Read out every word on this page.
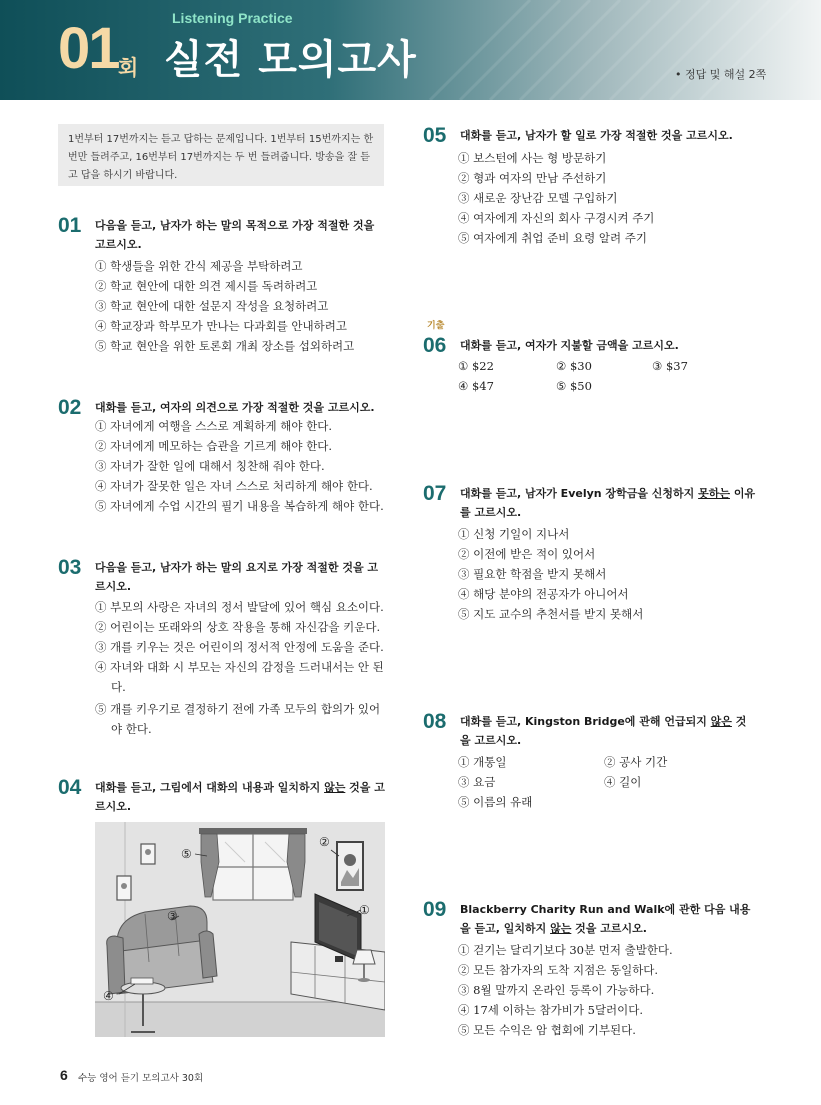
01 회
Listening Practice
실전 모의고사	• 정답 및 해설 2쪽
1번부터 17번까지는 듣고 답하는 문제입니다. 1번부터 15번까지는 한 번만 들려주고, 16번부터 17번까지는 두 번 들려줍니다. 방송을 잘 듣고 답을 하시기 바랍니다.
01 다음을 듣고, 남자가 하는 말의 목적으로 가장 적절한 것을 고르시오.
① 학생들을 위한 간식 제공을 부탁하려고
② 학교 현안에 대한 의견 제시를 독려하려고
③ 학교 현안에 대한 설문지 작성을 요청하려고
④ 학교장과 학부모가 만나는 다과회를 안내하려고
⑤ 학교 현안을 위한 토론회 개최 장소를 섭외하려고
02 대화를 듣고, 여자의 의견으로 가장 적절한 것을 고르시오.
① 자녀에게 여행을 스스로 계획하게 해야 한다.
② 자녀에게 메모하는 습관을 기르게 해야 한다.
③ 자녀가 잘한 일에 대해서 칭찬해 줘야 한다.
④ 자녀가 잘못한 일은 자녀 스스로 처리하게 해야 한다.
⑤ 자녀에게 수업 시간의 필기 내용을 복습하게 해야 한다.
03 다음을 듣고, 남자가 하는 말의 요지로 가장 적절한 것을 고르시오.
① 부모의 사랑은 자녀의 정서 발달에 있어 핵심 요소이다.
② 어린이는 또래와의 상호 작용을 통해 자신감을 키운다.
③ 개를 키우는 것은 어린이의 정서적 안정에 도움을 준다.
④ 자녀와 대화 시 부모는 자신의 감정을 드러내서는 안 된다.
⑤ 개를 키우기로 결정하기 전에 가족 모두의 합의가 있어야 한다.
04 대화를 듣고, 그림에서 대화의 내용과 일치하지 않는 것을 고르시오.
⑤
②
①
③
④
05 대화를 듣고, 남자가 할 일로 가장 적절한 것을 고르시오.
① 보스턴에 사는 형 방문하기
② 형과 여자의 만남 주선하기
③ 새로운 장난감 모델 구입하기
④ 여자에게 자신의 회사 구경시켜 주기
⑤ 여자에게 취업 준비 요령 알려 주기
기출
06 대화를 듣고, 여자가 지불할 금액을 고르시오.
① $22	② $30	③ $37
④ $47	⑤ $50
07 대화를 듣고, 남자가 Evelyn 장학금을 신청하지 못하는 이유를 고르시오.
① 신청 기일이 지나서
② 이전에 받은 적이 있어서
③ 필요한 학점을 받지 못해서
④ 해당 분야의 전공자가 아니어서
⑤ 지도 교수의 추천서를 받지 못해서
08 대화를 듣고, Kingston Bridge에 관해 언급되지 않은 것을 고르시오.
① 개통일	② 공사 기간
③ 요금	④ 길이
⑤ 이름의 유래
09 Blackberry Charity Run and Walk에 관한 다음 내용을 듣고, 일치하지 않는 것을 고르시오.
① 걷기는 달리기보다 30분 먼저 출발한다.
② 모든 참가자의 도착 지점은 동일하다.
③ 8월 말까지 온라인 등록이 가능하다.
④ 17세 이하는 참가비가 5달러이다.
⑤ 모든 수익은 암 협회에 기부된다.
6 수능 영어 듣기 모의고사 30회
